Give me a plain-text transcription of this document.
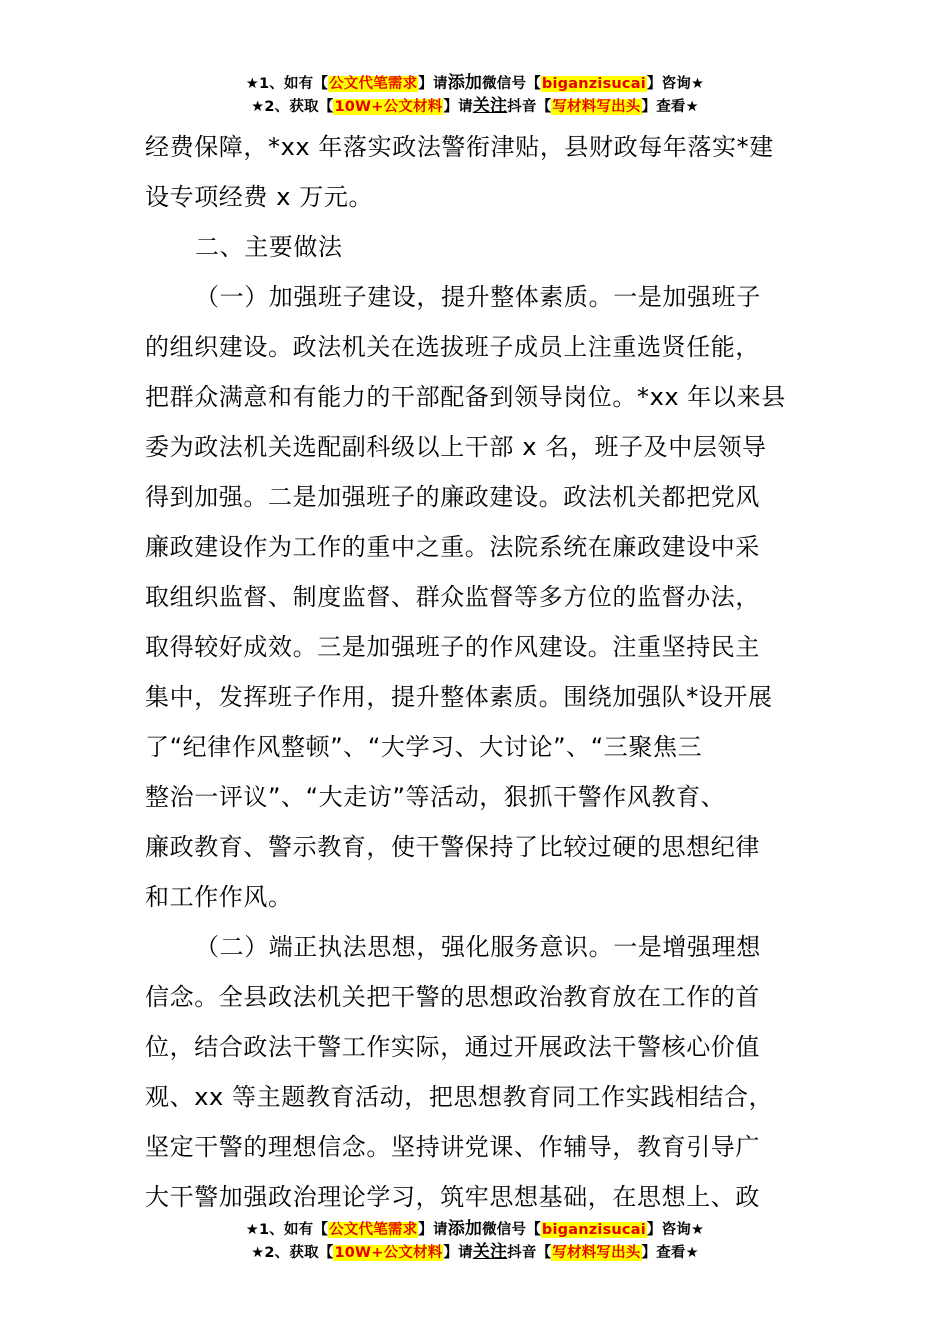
★1、如有【公文代笔需求】请添加微信号【biganzisucai】咨询★
★2、获取【10W+公文材料】请关注抖音【写材料写出头】查看★
经费保障，*xx 年落实政法警衔津贴，县财政每年落实*建
设专项经费 x 万元。
二、主要做法
（一）加强班子建设，提升整体素质。一是加强班子
的组织建设。政法机关在选拔班子成员上注重选贤任能，
把群众满意和有能力的干部配备到领导岗位。*xx 年以来县
委为政法机关选配副科级以上干部 x 名，班子及中层领导
得到加强。二是加强班子的廉政建设。政法机关都把党风
廉政建设作为工作的重中之重。法院系统在廉政建设中采
取组织监督、制度监督、群众监督等多方位的监督办法，
取得较好成效。三是加强班子的作风建设。注重坚持民主
集中，发挥班子作用，提升整体素质。围绕加强队*设开展
了“纪律作风整顿”、“大学习、大讨论”、“三聚焦三
整治一评议”、“大走访”等活动，狠抓干警作风教育、
廉政教育、警示教育，使干警保持了比较过硬的思想纪律
和工作作风。
（二）端正执法思想，强化服务意识。一是增强理想
信念。全县政法机关把干警的思想政治教育放在工作的首
位，结合政法干警工作实际，通过开展政法干警核心价值
观、xx 等主题教育活动，把思想教育同工作实践相结合，
坚定干警的理想信念。坚持讲党课、作辅导，教育引导广
大干警加强政治理论学习，筑牢思想基础，在思想上、政
★1、如有【公文代笔需求】请添加微信号【biganzisucai】咨询★
★2、获取【10W+公文材料】请关注抖音【写材料写出头】查看★
